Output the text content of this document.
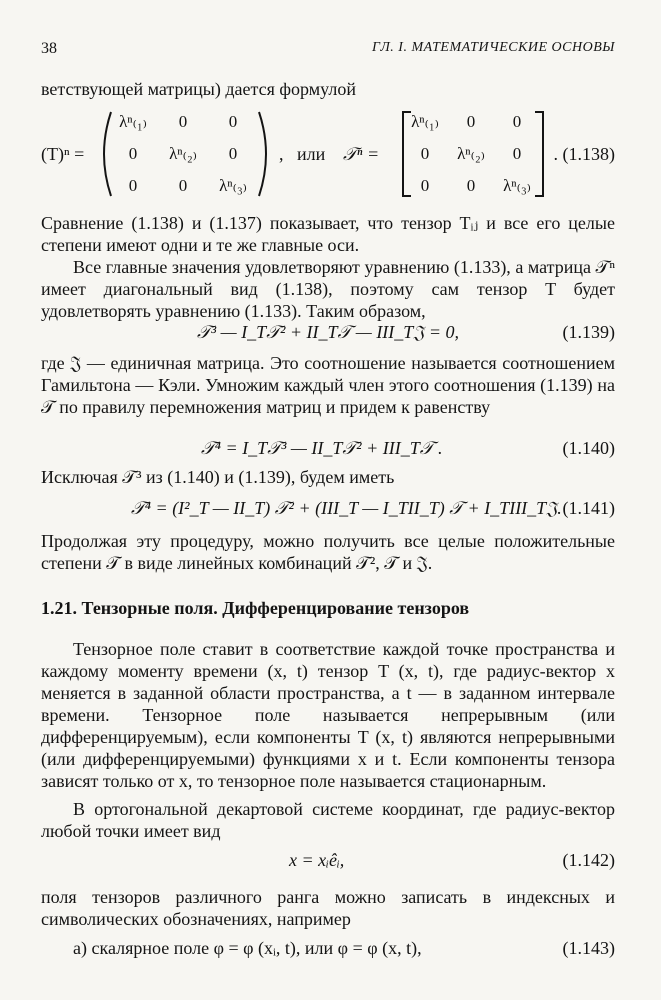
38	ГЛ. I. МАТЕМАТИЧЕСКИЕ ОСНОВЫ

ветствующей матрицы) дается формулой

(T)ⁿ =
λⁿ₍₁₎	0	0
0	λⁿ₍₂₎	0
0	0	λⁿ₍₃₎
, или 𝒯ⁿ =
λⁿ₍₁₎	0	0
0	λⁿ₍₂₎	0
0	0	λⁿ₍₃₎
. (1.138)

Сравнение (1.138) и (1.137) показывает, что тензор Tᵢⱼ и все его целые степени имеют одни и те же главные оси.

Все главные значения удовлетворяют уравнению (1.133), а матрица 𝒯ⁿ имеет диагональный вид (1.138), поэтому сам тензор T будет удовлетворять уравнению (1.133). Таким образом,

𝒯³ — I_T𝒯² + II_T𝒯 — III_T𝔍 = 0,	(1.139)

где 𝔍 — единичная матрица. Это соотношение называется соотношением Гамильтона — Кэли. Умножим каждый член этого соотношения (1.139) на 𝒯 по правилу перемножения матриц и придем к равенству

𝒯⁴ = I_T𝒯³ — II_T𝒯² + III_T𝒯 .	(1.140)

Исключая 𝒯³ из (1.140) и (1.139), будем иметь

𝒯⁴ = (I²_T — II_T) 𝒯² + (III_T — I_TII_T) 𝒯 + I_TIII_T𝔍. (1.141)

Продолжая эту процедуру, можно получить все целые положительные степени 𝒯 в виде линейных комбинаций 𝒯², 𝒯 и 𝔍.

1.21. Тензорные поля. Дифференцирование тензоров

Тензорное поле ставит в соответствие каждой точке пространства и каждому моменту времени (x, t) тензор T (x, t), где радиус-вектор x меняется в заданной области пространства, а t — в заданном интервале времени. Тензорное поле называется непрерывным (или дифференцируемым), если компоненты T (x, t) являются непрерывными (или дифференцируемыми) функциями x и t. Если компоненты тензора зависят только от x, то тензорное поле называется стационарным.

В ортогональной декартовой системе координат, где радиус-вектор любой точки имеет вид

x = xᵢêᵢ,	(1.142)

поля тензоров различного ранга можно записать в индексных и символических обозначениях, например

а) скалярное поле φ = φ (xᵢ, t), или φ = φ (x, t),	(1.143)
